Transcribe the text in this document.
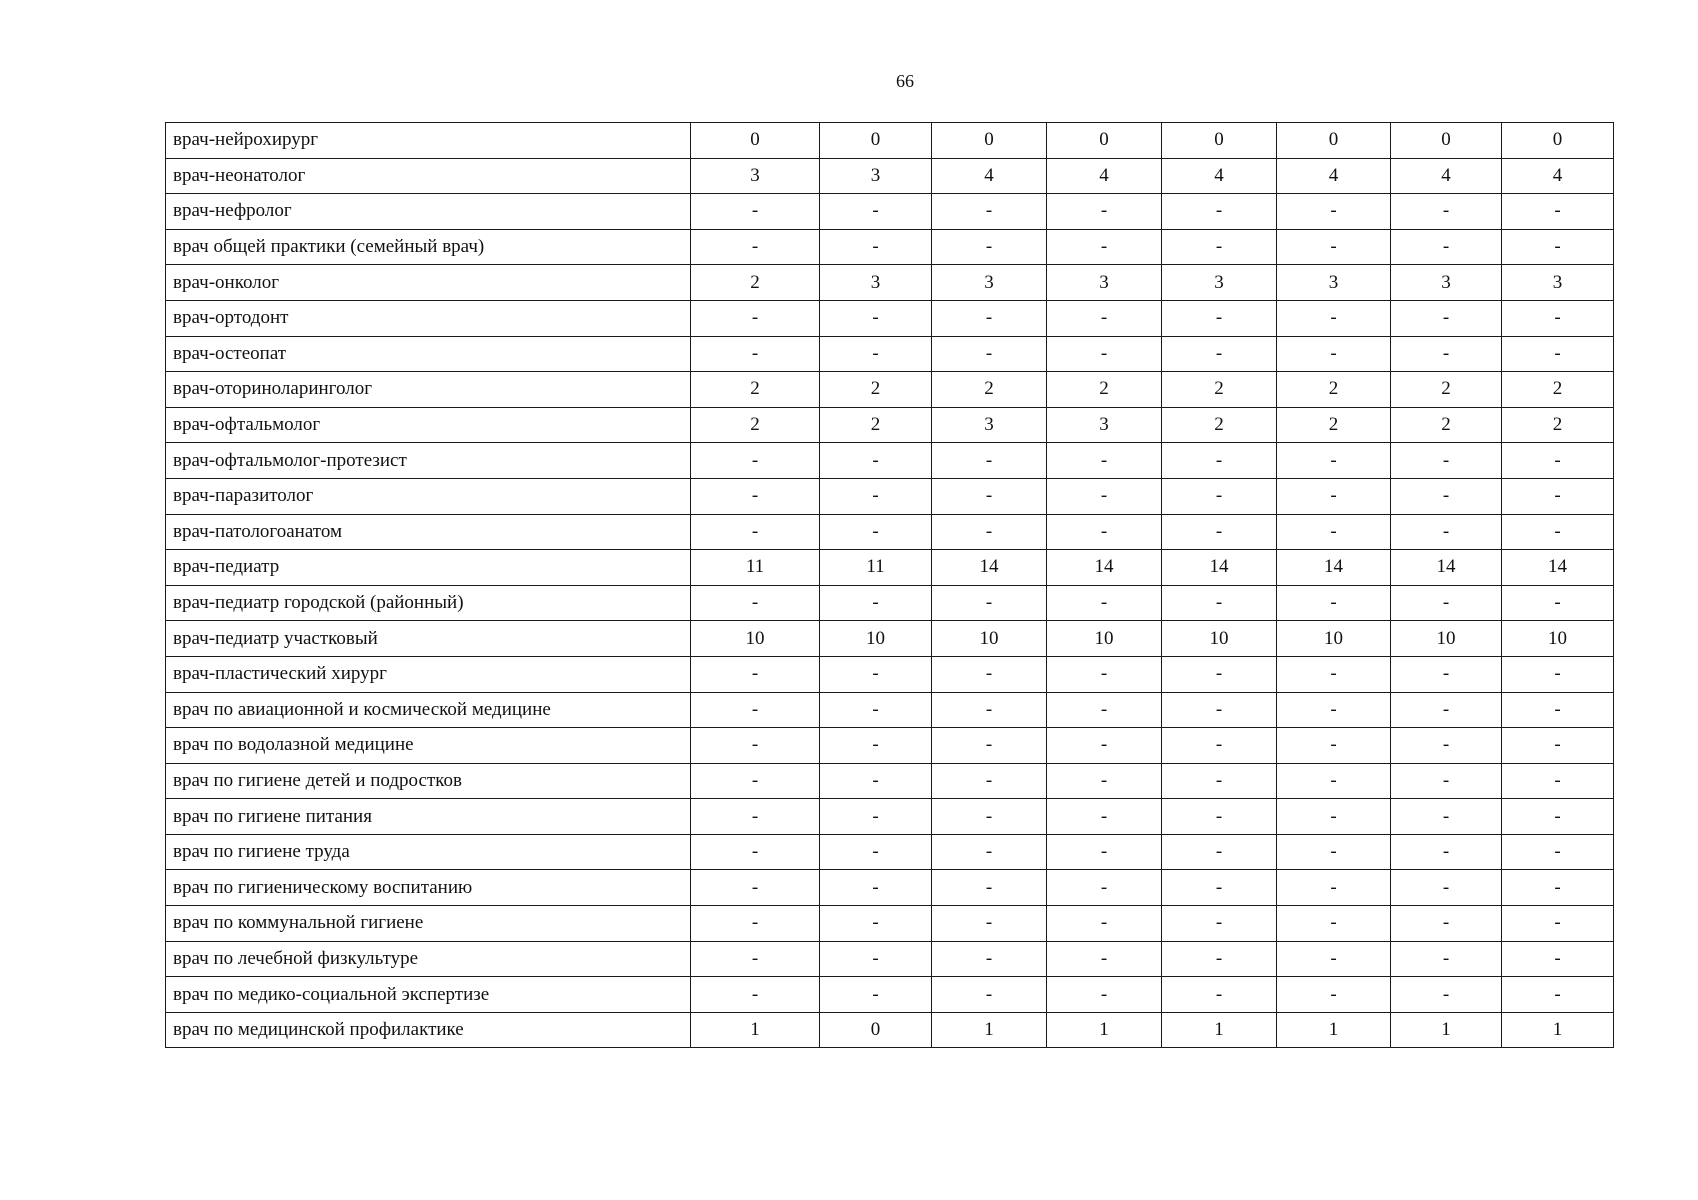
66
врач-нейрохирург	0	0	0	0	0	0	0	0
врач-неонатолог	3	3	4	4	4	4	4	4
врач-нефролог	-	-	-	-	-	-	-	-
врач общей практики (семейный врач)	-	-	-	-	-	-	-	-
врач-онколог	2	3	3	3	3	3	3	3
врач-ортодонт	-	-	-	-	-	-	-	-
врач-остеопат	-	-	-	-	-	-	-	-
врач-оториноларинголог	2	2	2	2	2	2	2	2
врач-офтальмолог	2	2	3	3	2	2	2	2
врач-офтальмолог-протезист	-	-	-	-	-	-	-	-
врач-паразитолог	-	-	-	-	-	-	-	-
врач-патологоанатом	-	-	-	-	-	-	-	-
врач-педиатр	11	11	14	14	14	14	14	14
врач-педиатр городской (районный)	-	-	-	-	-	-	-	-
врач-педиатр участковый	10	10	10	10	10	10	10	10
врач-пластический хирург	-	-	-	-	-	-	-	-
врач по авиационной и космической медицине	-	-	-	-	-	-	-	-
врач по водолазной медицине	-	-	-	-	-	-	-	-
врач по гигиене детей и подростков	-	-	-	-	-	-	-	-
врач по гигиене питания	-	-	-	-	-	-	-	-
врач по гигиене труда	-	-	-	-	-	-	-	-
врач по гигиеническому воспитанию	-	-	-	-	-	-	-	-
врач по коммунальной гигиене	-	-	-	-	-	-	-	-
врач по лечебной физкультуре	-	-	-	-	-	-	-	-
врач по медико-социальной экспертизе	-	-	-	-	-	-	-	-
врач по медицинской профилактике	1	0	1	1	1	1	1	1
